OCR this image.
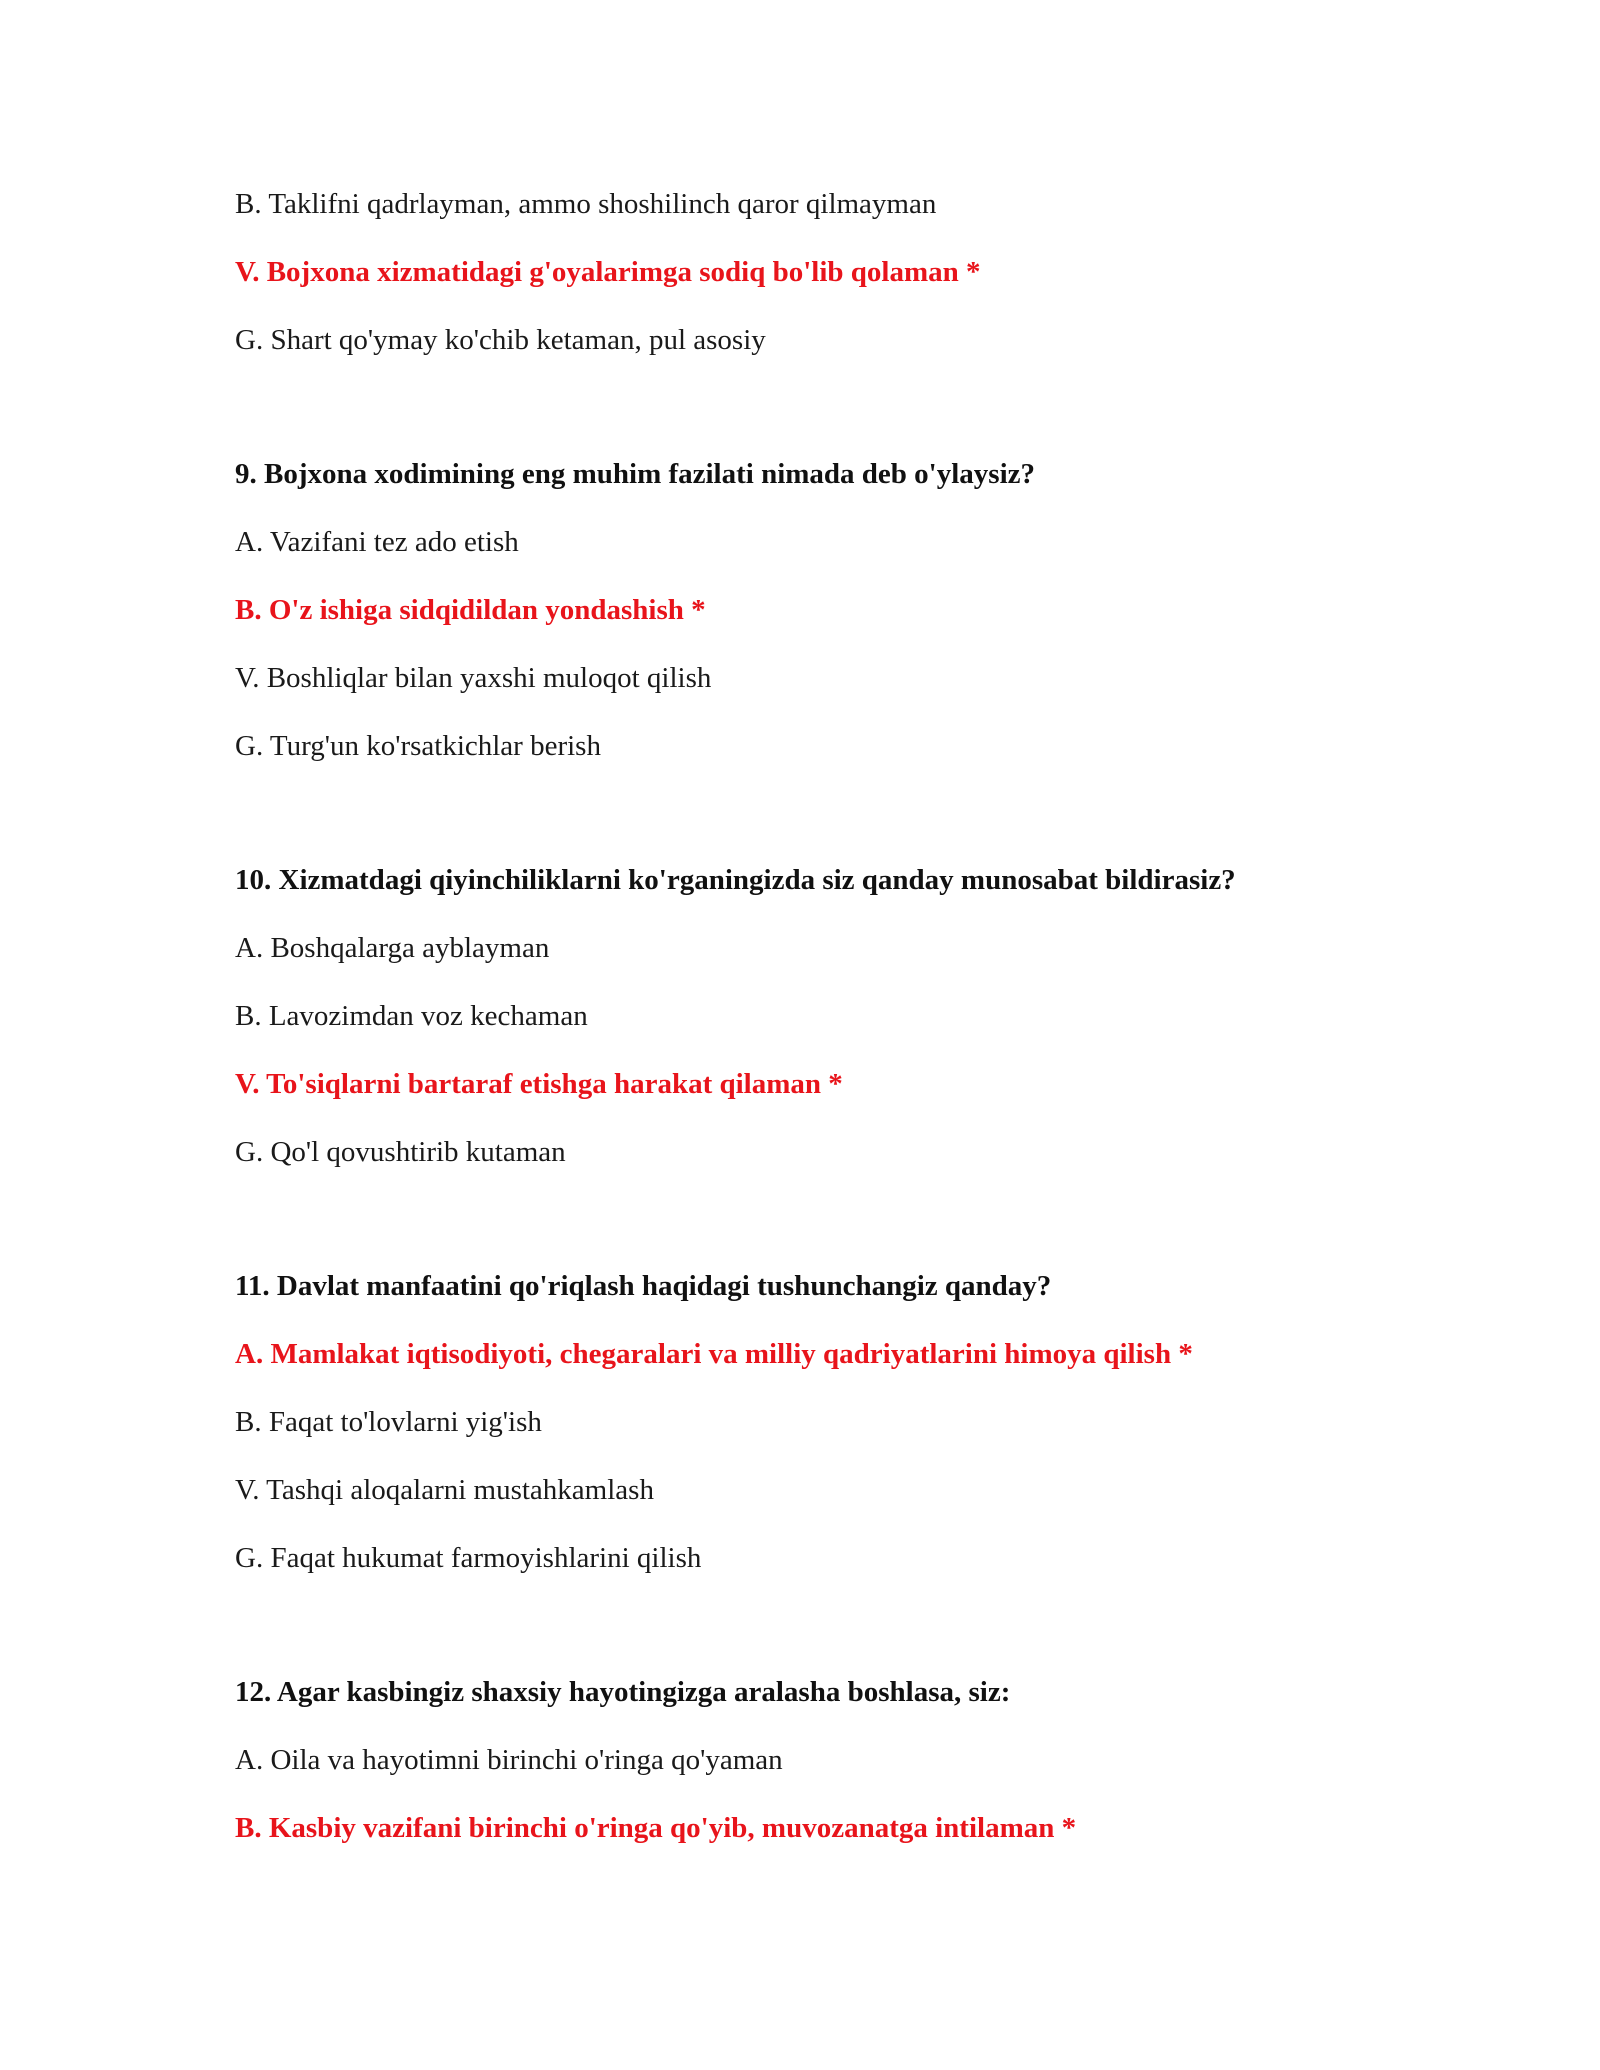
B. Taklifni qadrlayman, ammo shoshilinch qaror qilmayman
V. Bojxona xizmatidagi g'oyalarimga sodiq bo'lib qolaman *
G. Shart qo'ymay ko'chib ketaman, pul asosiy
9. Bojxona xodimining eng muhim fazilati nimada deb o'ylaysiz?
A. Vazifani tez ado etish
B. O'z ishiga sidqidildan yondashish *
V. Boshliqlar bilan yaxshi muloqot qilish
G. Turg'un ko'rsatkichlar berish
10. Xizmatdagi qiyinchiliklarni ko'rganingizda siz qanday munosabat bildirasiz?
A. Boshqalarga ayblayman
B. Lavozimdan voz kechaman
V. To'siqlarni bartaraf etishga harakat qilaman *
G. Qo'l qovushtirib kutaman
11. Davlat manfaatini qo'riqlash haqidagi tushunchangiz qanday?
A. Mamlakat iqtisodiyoti, chegaralari va milliy qadriyatlarini himoya qilish *
B. Faqat to'lovlarni yig'ish
V. Tashqi aloqalarni mustahkamlash
G. Faqat hukumat farmoyishlarini qilish
12. Agar kasbingiz shaxsiy hayotingizga aralasha boshlasa, siz:
A. Oila va hayotimni birinchi o'ringa qo'yaman
B. Kasbiy vazifani birinchi o'ringa qo'yib, muvozanatga intilaman *
